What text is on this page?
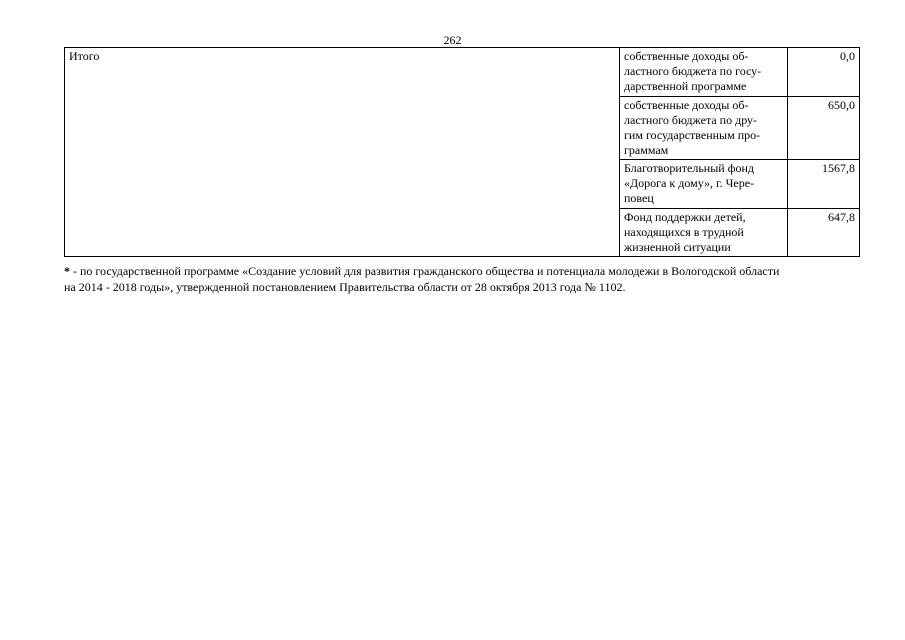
262
Итого	собственные доходы об-
ластного бюджета по госу-
дарственной программе	0,0
	собственные доходы об-
ластного бюджета по дру-
гим государственным про-
граммам	650,0
	Благотворительный фонд
«Дорога к дому», г. Чере-
повец	1567,8
	Фонд поддержки детей,
находящихся в трудной
жизненной ситуации	647,8
* - по государственной программе «Создание условий для развития гражданского общества и потенциала молодежи в Вологодской области
на 2014 - 2018 годы», утвержденной постановлением Правительства области от 28 октября 2013 года № 1102.
